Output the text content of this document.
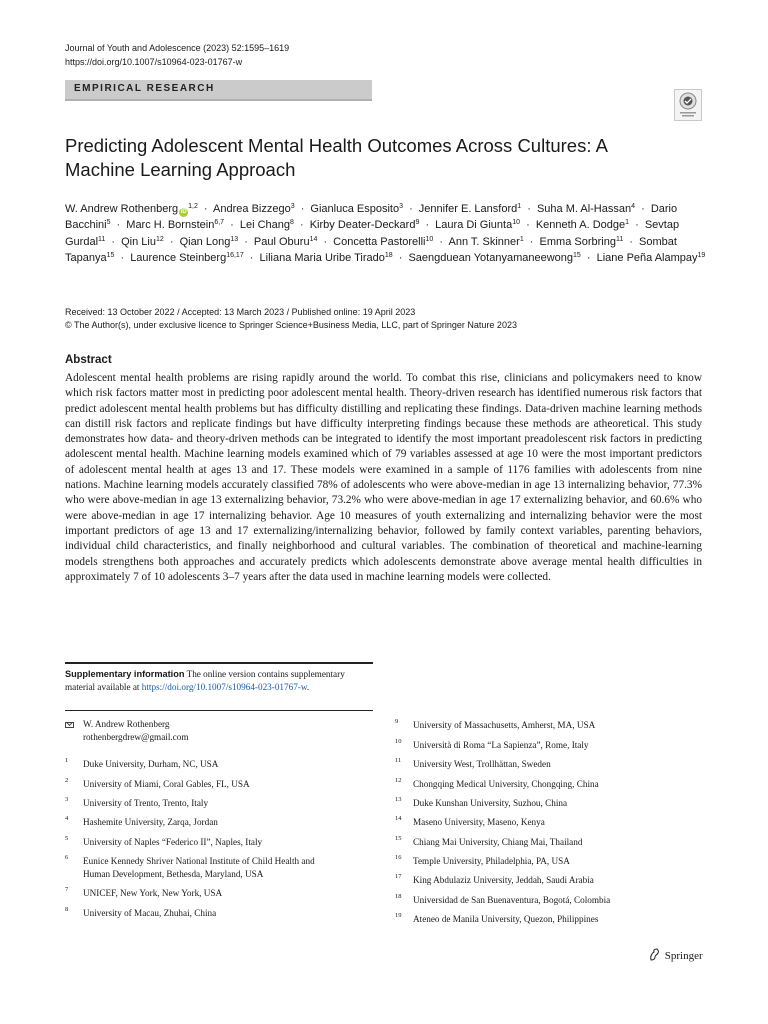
Journal of Youth and Adolescence (2023) 52:1595–1619
https://doi.org/10.1007/s10964-023-01767-w
EMPIRICAL RESEARCH
Predicting Adolescent Mental Health Outcomes Across Cultures: A Machine Learning Approach
W. Andrew Rothenberg iD$^{1,2}$ · Andrea Bizzego$^3$ · Gianluca Esposito$^3$ · Jennifer E. Lansford$^1$ · Suha M. Al-Hassan$^4$ · Dario Bacchini$^5$ · Marc H. Bornstein$^{6,7}$ · Lei Chang$^8$ · Kirby Deater-Deckard$^9$ · Laura Di Giunta$^{10}$ · Kenneth A. Dodge$^1$ · Sevtap Gurdal$^{11}$ · Qin Liu$^{12}$ · Qian Long$^{13}$ · Paul Oburu$^{14}$ · Concetta Pastorelli$^{10}$ · Ann T. Skinner$^1$ · Emma Sorbring$^{11}$ · Sombat Tapanya$^{15}$ · Laurence Steinberg$^{16,17}$ · Liliana Maria Uribe Tirado$^{18}$ · Saengduean Yotanyamaneewong$^{15}$ · Liane Peña Alampay$^{19}$
Received: 13 October 2022 / Accepted: 13 March 2023 / Published online: 19 April 2023
© The Author(s), under exclusive licence to Springer Science+Business Media, LLC, part of Springer Nature 2023
Abstract

Adolescent mental health problems are rising rapidly around the world. To combat this rise, clinicians and policymakers need to know which risk factors matter most in predicting poor adolescent mental health. Theory-driven research has identified numerous risk factors that predict adolescent mental health problems but has difficulty distilling and replicating these findings. Data-driven machine learning methods can distill risk factors and replicate findings but have difficulty interpreting findings because these methods are atheoretical. This study demonstrates how data- and theory-driven methods can be integrated to identify the most important preadolescent risk factors in predicting adolescent mental health. Machine learning models examined which of 79 variables assessed at age 10 were the most important predictors of adolescent mental health at ages 13 and 17. These models were examined in a sample of 1176 families with adolescents from nine nations. Machine learning models accurately classified 78% of adolescents who were above-median in age 13 internalizing behavior, 77.3% who were above-median in age 13 externalizing behavior, 73.2% who were above-median in age 17 externalizing behavior, and 60.6% who were above-median in age 17 internalizing behavior. Age 10 measures of youth externalizing and internalizing behavior were the most important predictors of age 13 and 17 externalizing/internalizing behavior, followed by family context variables, parenting behaviors, individual child characteristics, and finally neighborhood and cultural variables. The combination of theoretical and machine-learning models strengthens both approaches and accurately predicts which adolescents demonstrate above average mental health difficulties in approximately 7 of 10 adolescents 3–7 years after the data used in machine learning models were collected.

Supplementary information The online version contains supplementary material available at https://doi.org/10.1007/s10964-023-01767-w.
W. Andrew Rothenberg
rothenbergdrew@gmail.com
1 Duke University, Durham, NC, USA
2 University of Miami, Coral Gables, FL, USA
3 University of Trento, Trento, Italy
4 Hashemite University, Zarqa, Jordan
5 University of Naples “Federico II”, Naples, Italy
6 Eunice Kennedy Shriver National Institute of Child Health and
Human Development, Bethesda, Maryland, USA
7 UNICEF, New York, New York, USA
8 University of Macau, Zhuhai, China
9 University of Massachusetts, Amherst, MA, USA
10 Università di Roma “La Sapienza”, Rome, Italy
11 University West, Trollhättan, Sweden
12 Chongqing Medical University, Chongqing, China
13 Duke Kunshan University, Suzhou, China
14 Maseno University, Maseno, Kenya
15 Chiang Mai University, Chiang Mai, Thailand
16 Temple University, Philadelphia, PA, USA
17 King Abdulaziz University, Jeddah, Saudi Arabia
18 Universidad de San Buenaventura, Bogotá, Colombia
19 Ateneo de Manila University, Quezon, Philippines
Springer
